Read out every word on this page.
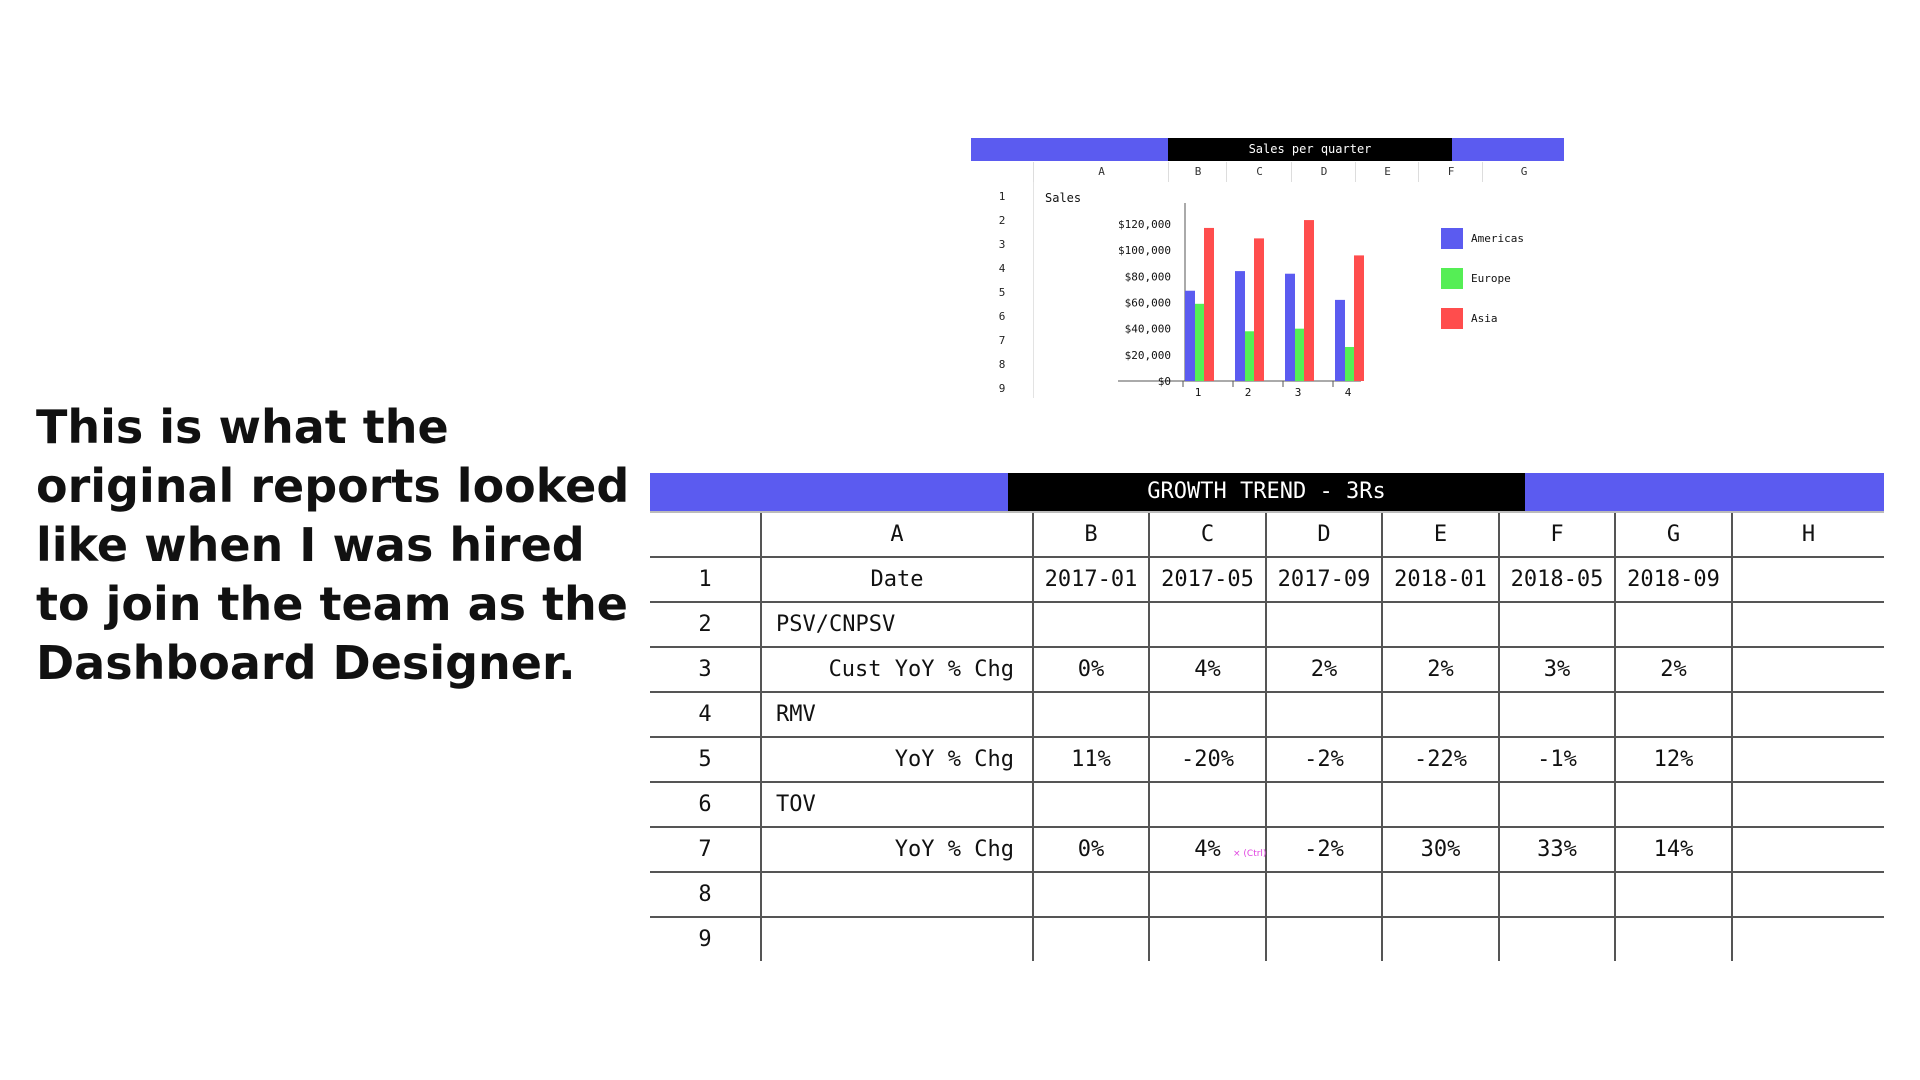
This is what the
original reports looked
like when I was hired
to join the team as the
Dashboard Designer.
Sales per quarter
A	B	C	D	E	F	G
1
2
3
4
5
6
7
8
9
Sales
$120,000
$100,000
$80,000
$60,000
$40,000
$20,000
$0
1	2	3	4
Americas
Europe
Asia
GROWTH TREND - 3Rs
	A	B	C	D	E	F	G	H
1	Date	2017-01	2017-05	2017-09	2018-01	2018-05	2018-09	
2	PSV/CNPSV							
3	Cust YoY % Chg	0%	4%	2%	2%	3%	2%	
4	RMV							
5	YoY % Chg	11%	-20%	-2%	-22%	-1%	12%	
6	TOV							
7	YoY % Chg	0%	4%	-2%	30%	33%	14%	
8								
9								
× (Ctrl)
